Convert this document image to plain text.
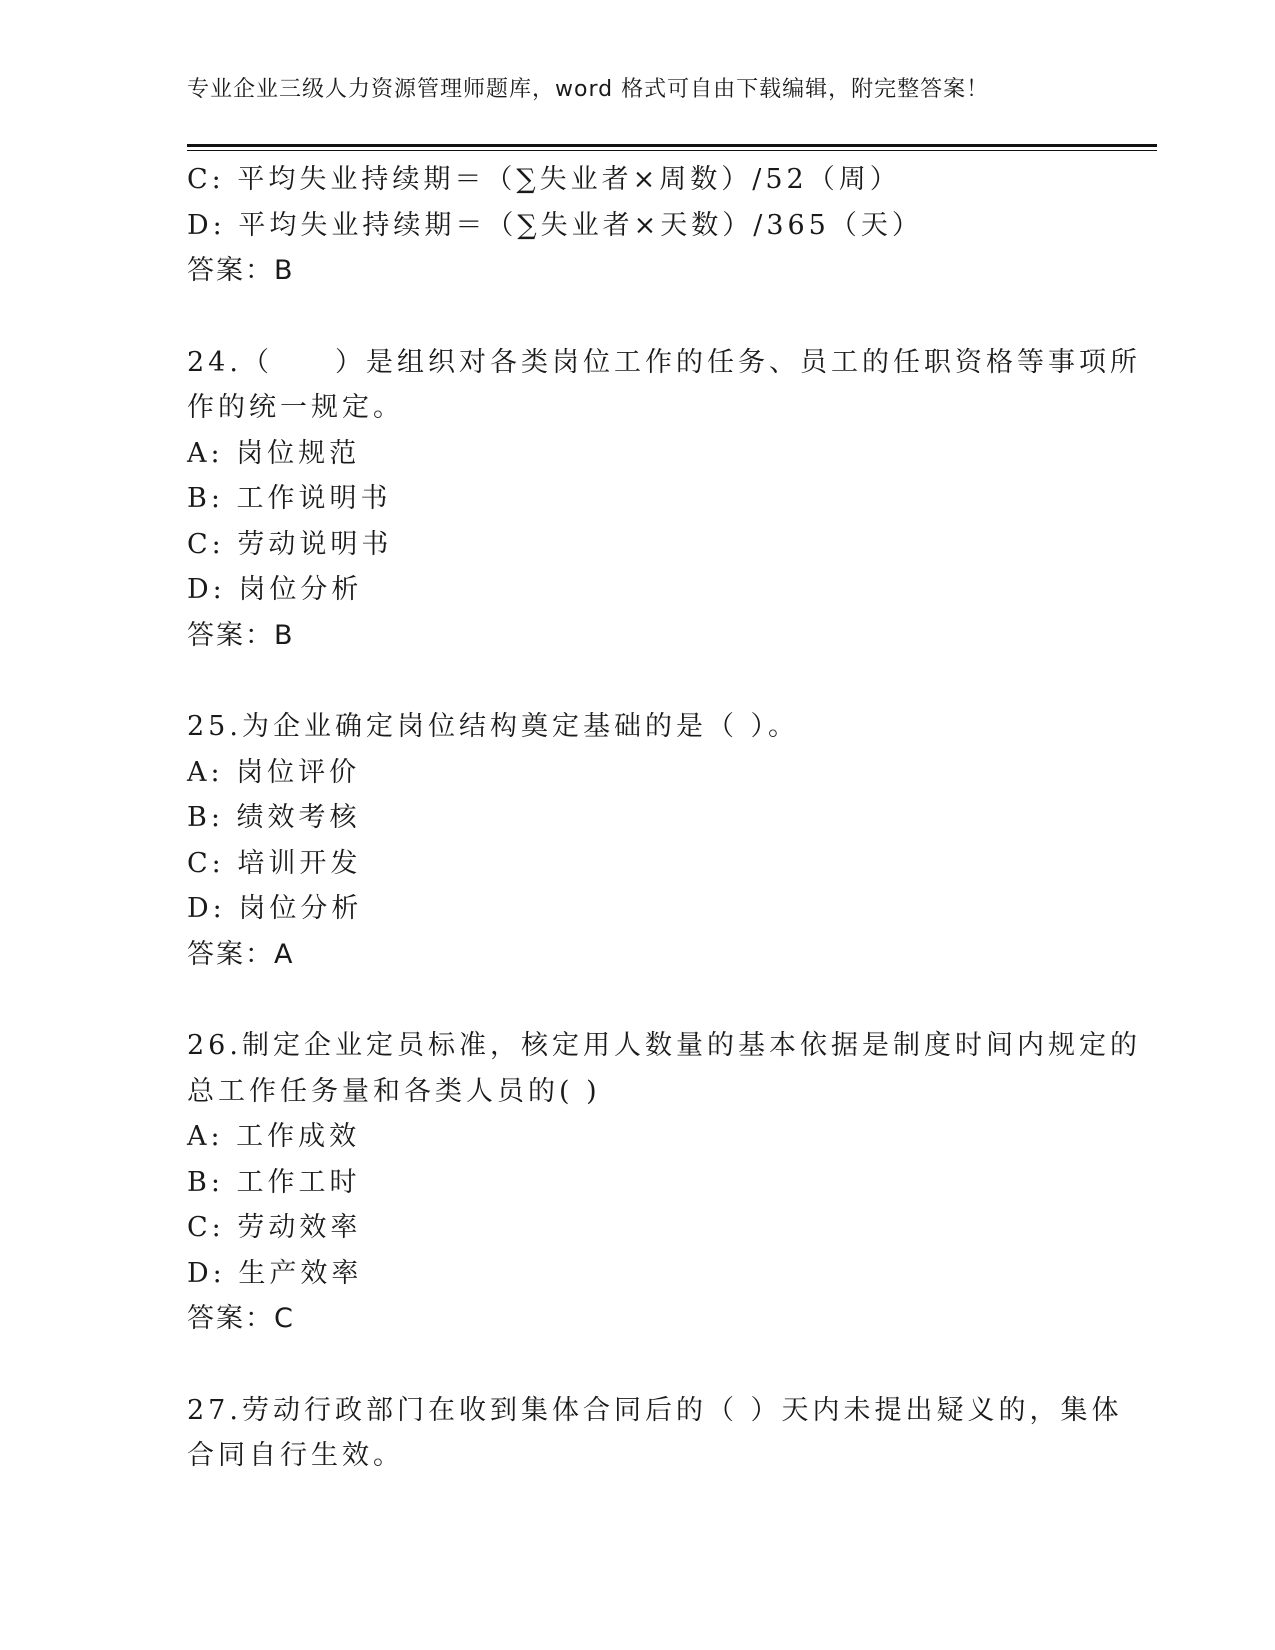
专业企业三级人力资源管理师题库，word 格式可自由下载编辑，附完整答案！
C: 平均失业持续期＝（∑失业者×周数）/52（周）
D: 平均失业持续期＝（∑失业者×天数）/365（天）
答案：B
24.（　　）是组织对各类岗位工作的任务、员工的任职资格等事项所
作的统一规定。
A: 岗位规范
B: 工作说明书
C: 劳动说明书
D: 岗位分析
答案：B
25.为企业确定岗位结构奠定基础的是（ ）。
A: 岗位评价
B: 绩效考核
C: 培训开发
D: 岗位分析
答案：A
26.制定企业定员标准，核定用人数量的基本依据是制度时间内规定的
总工作任务量和各类人员的( )
A: 工作成效
B: 工作工时
C: 劳动效率
D: 生产效率
答案：C
27.劳动行政部门在收到集体合同后的（ ）天内未提出疑义的，集体
合同自行生效。
